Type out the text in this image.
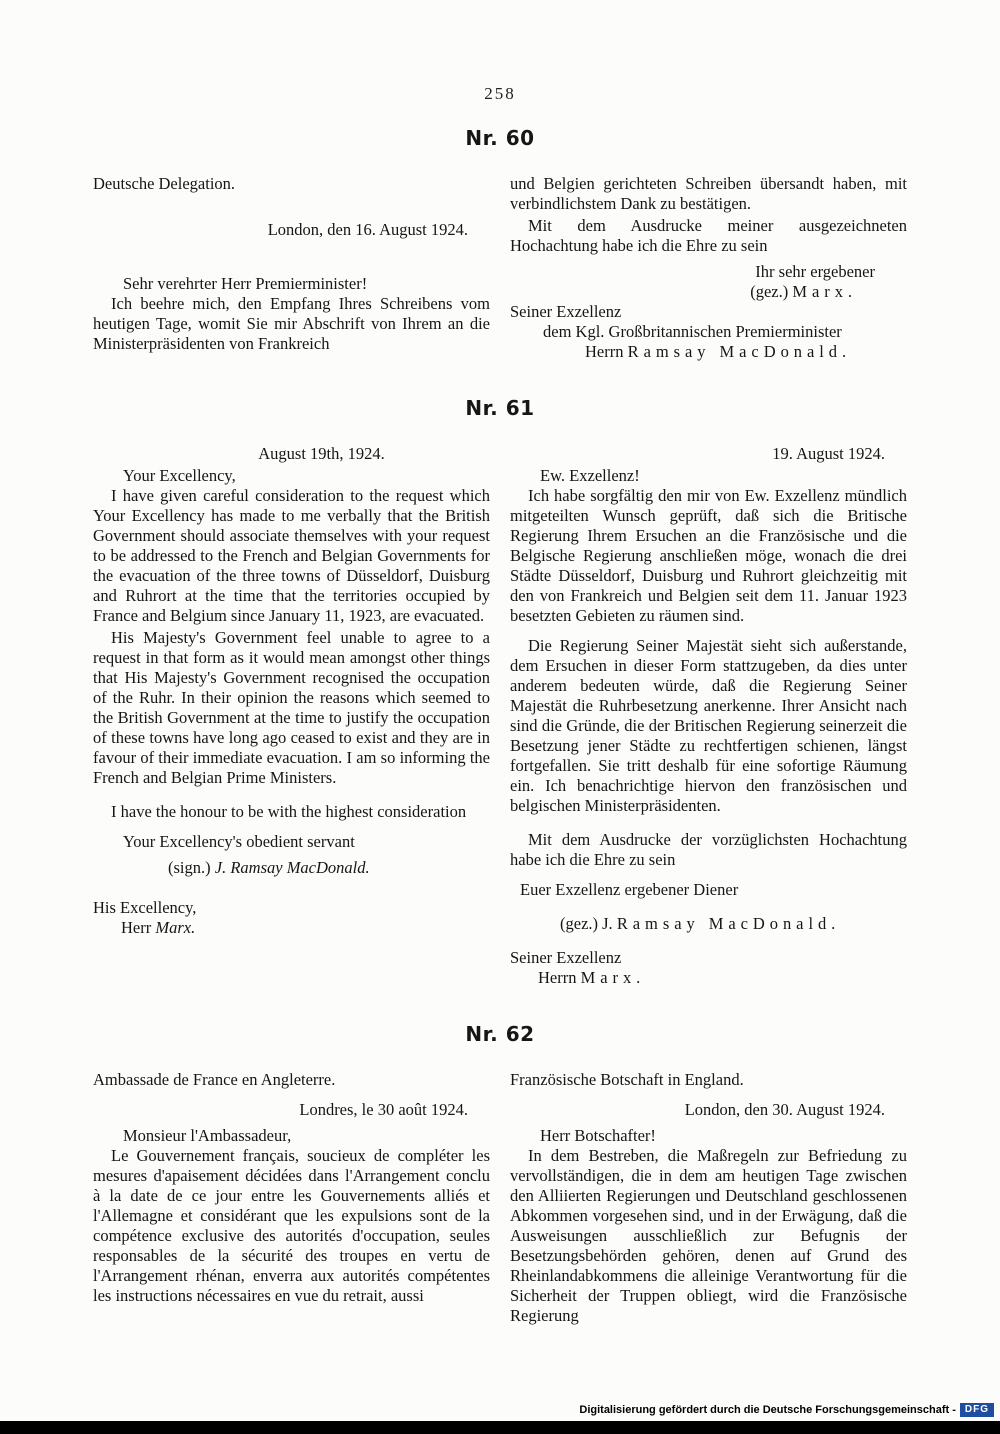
258
Nr. 60

Deutsche Delegation.

London, den 16. August 1924.

Sehr verehrter Herr Premierminister!

Ich beehre mich, den Empfang Ihres Schreibens vom heutigen Tage, womit Sie mir Abschrift von Ihrem an die Ministerpräsidenten von Frankreich

und Belgien gerichteten Schreiben übersandt haben, mit verbindlichstem Dank zu bestätigen.

Mit dem Ausdrucke meiner ausgezeichneten Hochachtung habe ich die Ehre zu sein

Ihr sehr ergebener

(gez.) Marx.

Seiner Exzellenz

dem Kgl. Großbritannischen Premierminister

Herrn Ramsay MacDonald.

Nr. 61

August 19th, 1924.

Your Excellency,

I have given careful consideration to the request which Your Excellency has made to me verbally that the British Government should associate themselves with your request to be addressed to the French and Belgian Governments for the evacuation of the three towns of Düsseldorf, Duisburg and Ruhrort at the time that the territories occupied by France and Belgium since January 11, 1923, are evacuated.

His Majesty's Government feel unable to agree to a request in that form as it would mean amongst other things that His Majesty's Government recognised the occupation of the Ruhr. In their opinion the reasons which seemed to the British Government at the time to justify the occupation of these towns have long ago ceased to exist and they are in favour of their immediate evacuation. I am so informing the French and Belgian Prime Ministers.

I have the honour to be with the highest consideration

Your Excellency's obedient servant

(sign.) J. Ramsay MacDonald.

His Excellency,

Herr Marx.

19. August 1924.

Ew. Exzellenz!

Ich habe sorgfältig den mir von Ew. Exzellenz mündlich mitgeteilten Wunsch geprüft, daß sich die Britische Regierung Ihrem Ersuchen an die Französische und die Belgische Regierung anschließen möge, wonach die drei Städte Düsseldorf, Duisburg und Ruhrort gleichzeitig mit den von Frankreich und Belgien seit dem 11. Januar 1923 besetzten Gebieten zu räumen sind.

Die Regierung Seiner Majestät sieht sich außerstande, dem Ersuchen in dieser Form stattzugeben, da dies unter anderem bedeuten würde, daß die Regierung Seiner Majestät die Ruhrbesetzung anerkenne. Ihrer Ansicht nach sind die Gründe, die der Britischen Regierung seinerzeit die Besetzung jener Städte zu rechtfertigen schienen, längst fortgefallen. Sie tritt deshalb für eine sofortige Räumung ein. Ich benachrichtige hiervon den französischen und belgischen Ministerpräsidenten.

Mit dem Ausdrucke der vorzüglichsten Hochachtung habe ich die Ehre zu sein

Euer Exzellenz ergebener Diener

(gez.) J. Ramsay MacDonald.

Seiner Exzellenz

Herrn Marx.

Nr. 62

Ambassade de France en Angleterre.

Londres, le 30 août 1924.

Monsieur l'Ambassadeur,

Le Gouvernement français, soucieux de compléter les mesures d'apaisement décidées dans l'Arrangement conclu à la date de ce jour entre les Gouvernements alliés et l'Allemagne et considérant que les expulsions sont de la compétence exclusive des autorités d'occupation, seules responsables de la sécurité des troupes en vertu de l'Arrangement rhénan, enverra aux autorités compétentes les instructions nécessaires en vue du retrait, aussi

Französische Botschaft in England.

London, den 30. August 1924.

Herr Botschafter!

In dem Bestreben, die Maßregeln zur Befriedung zu vervollständigen, die in dem am heutigen Tage zwischen den Alliierten Regierungen und Deutschland geschlossenen Abkommen vorgesehen sind, und in der Erwägung, daß die Ausweisungen ausschließlich zur Befugnis der Besetzungsbehörden gehören, denen auf Grund des Rheinlandabkommens die alleinige Verantwortung für die Sicherheit der Truppen obliegt, wird die Französische Regierung

Digitalisierung gefördert durch die Deutsche Forschungsgemeinschaft - DFG
